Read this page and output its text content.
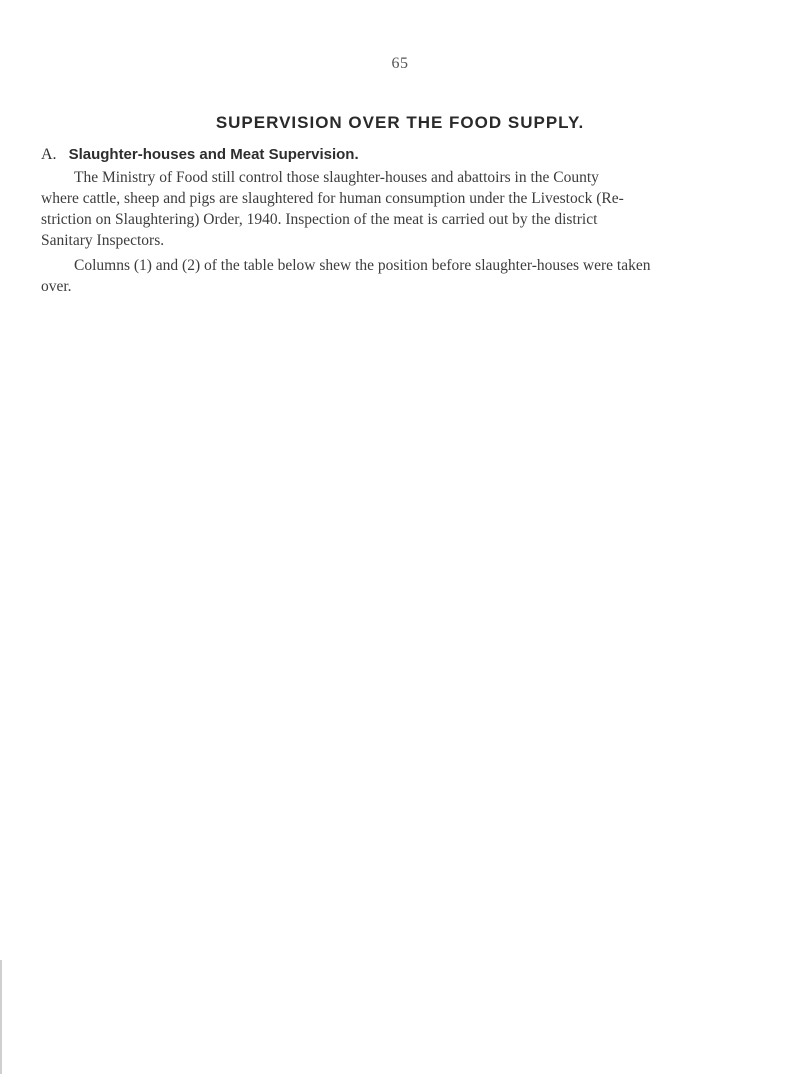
65
SUPERVISION OVER THE FOOD SUPPLY.
A. Slaughter-houses and Meat Supervision.

The Ministry of Food still control those slaughter-houses and abattoirs in the County
where cattle, sheep and pigs are slaughtered for human consumption under the Livestock (Re-
striction on Slaughtering) Order, 1940. Inspection of the meat is carried out by the district
Sanitary Inspectors.

Columns (1) and (2) of the table below shew the position before slaughter-houses were taken
over.
